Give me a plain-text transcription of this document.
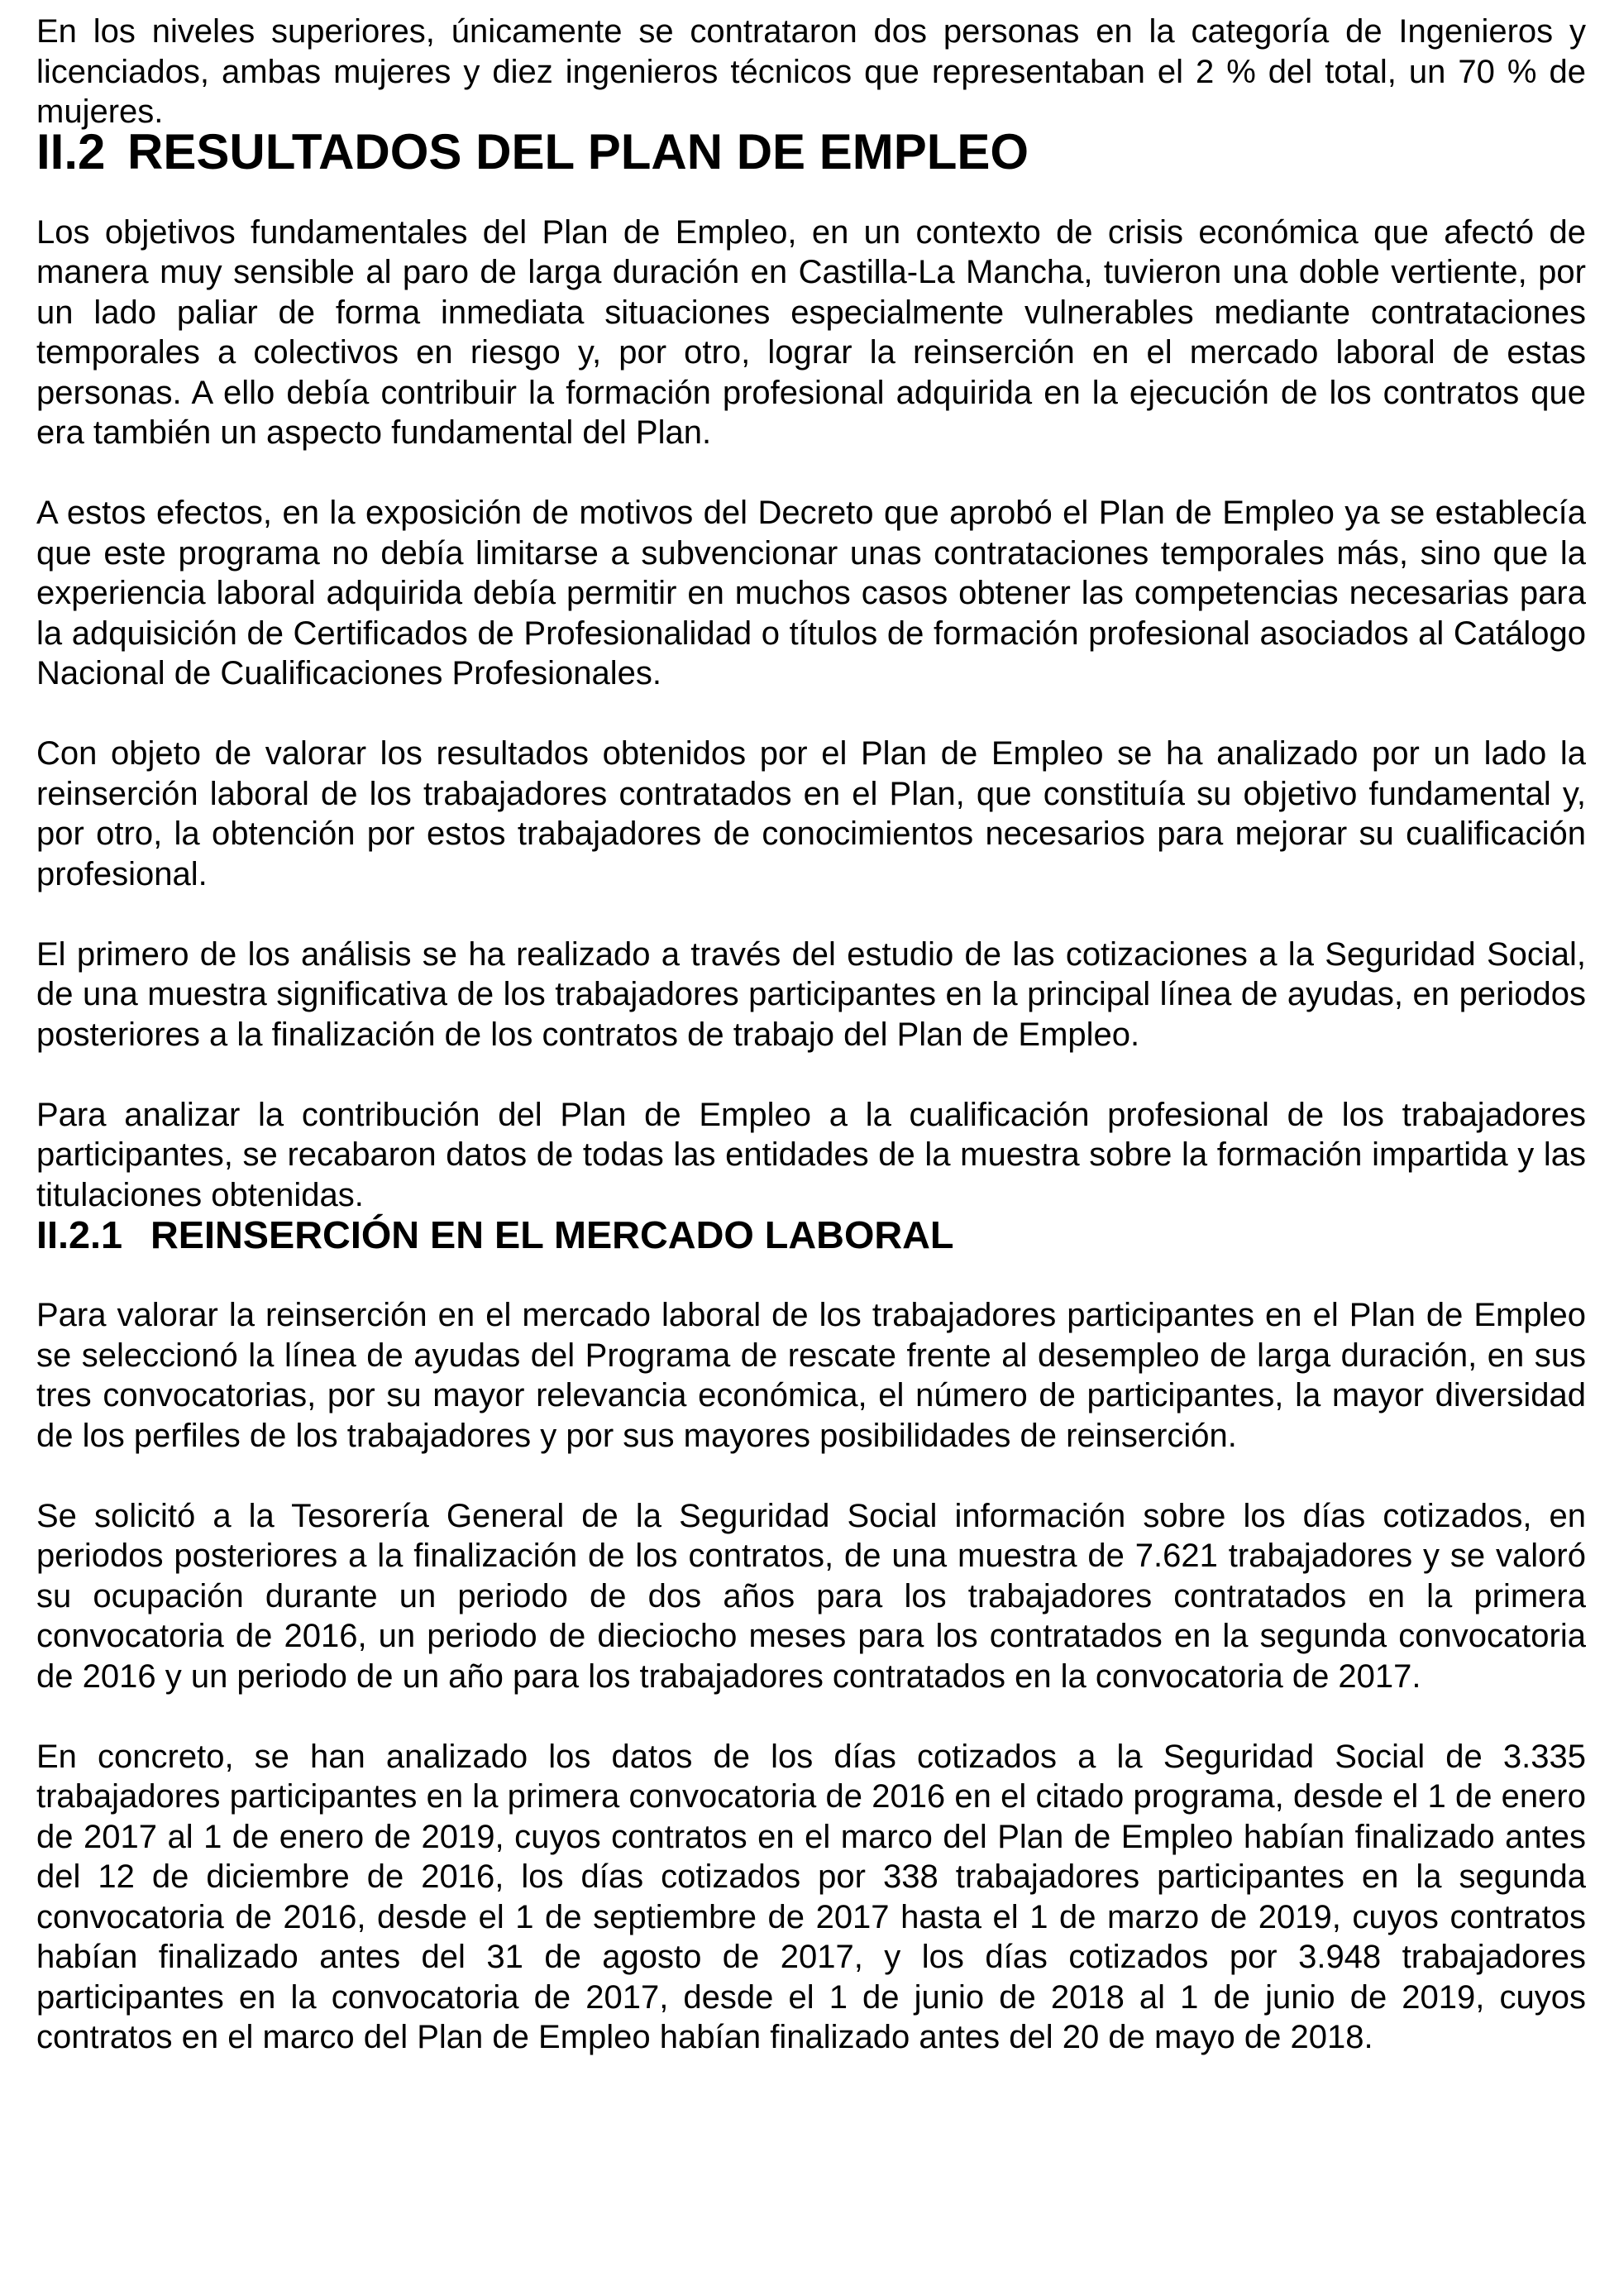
En los niveles superiores, únicamente se contrataron dos personas en la categoría de Ingenieros y licenciados, ambas mujeres y diez ingenieros técnicos que representaban el 2 % del total, un 70 % de mujeres.

II.2 RESULTADOS DEL PLAN DE EMPLEO

Los objetivos fundamentales del Plan de Empleo, en un contexto de crisis económica que afectó de manera muy sensible al paro de larga duración en Castilla-La Mancha, tuvieron una doble vertiente, por un lado paliar de forma inmediata situaciones especialmente vulnerables mediante contrataciones temporales a colectivos en riesgo y, por otro, lograr la reinserción en el mercado laboral de estas personas. A ello debía contribuir la formación profesional adquirida en la ejecución de los contratos que era también un aspecto fundamental del Plan.

A estos efectos, en la exposición de motivos del Decreto que aprobó el Plan de Empleo ya se establecía que este programa no debía limitarse a subvencionar unas contrataciones temporales más, sino que la experiencia laboral adquirida debía permitir en muchos casos obtener las competencias necesarias para la adquisición de Certificados de Profesionalidad o títulos de formación profesional asociados al Catálogo Nacional de Cualificaciones Profesionales.

Con objeto de valorar los resultados obtenidos por el Plan de Empleo se ha analizado por un lado la reinserción laboral de los trabajadores contratados en el Plan, que constituía su objetivo fundamental y, por otro, la obtención por estos trabajadores de conocimientos necesarios para mejorar su cualificación profesional.

El primero de los análisis se ha realizado a través del estudio de las cotizaciones a la Seguridad Social, de una muestra significativa de los trabajadores participantes en la principal línea de ayudas, en periodos posteriores a la finalización de los contratos de trabajo del Plan de Empleo.

Para analizar la contribución del Plan de Empleo a la cualificación profesional de los trabajadores participantes, se recabaron datos de todas las entidades de la muestra sobre la formación impartida y las titulaciones obtenidas.

II.2.1 REINSERCIÓN EN EL MERCADO LABORAL

Para valorar la reinserción en el mercado laboral de los trabajadores participantes en el Plan de Empleo se seleccionó la línea de ayudas del Programa de rescate frente al desempleo de larga duración, en sus tres convocatorias, por su mayor relevancia económica, el número de participantes, la mayor diversidad de los perfiles de los trabajadores y por sus mayores posibilidades de reinserción.

Se solicitó a la Tesorería General de la Seguridad Social información sobre los días cotizados, en periodos posteriores a la finalización de los contratos, de una muestra de 7.621 trabajadores y se valoró su ocupación durante un periodo de dos años para los trabajadores contratados en la primera convocatoria de 2016, un periodo de dieciocho meses para los contratados en la segunda convocatoria de 2016 y un periodo de un año para los trabajadores contratados en la convocatoria de 2017.

En concreto, se han analizado los datos de los días cotizados a la Seguridad Social de 3.335 trabajadores participantes en la primera convocatoria de 2016 en el citado programa, desde el 1 de enero de 2017 al 1 de enero de 2019, cuyos contratos en el marco del Plan de Empleo habían finalizado antes del 12 de diciembre de 2016, los días cotizados por 338 trabajadores participantes en la segunda convocatoria de 2016, desde el 1 de septiembre de 2017 hasta el 1 de marzo de 2019, cuyos contratos habían finalizado antes del 31 de agosto de 2017, y los días cotizados por 3.948 trabajadores participantes en la convocatoria de 2017, desde el 1 de junio de 2018 al 1 de junio de 2019, cuyos contratos en el marco del Plan de Empleo habían finalizado antes del 20 de mayo de 2018.
